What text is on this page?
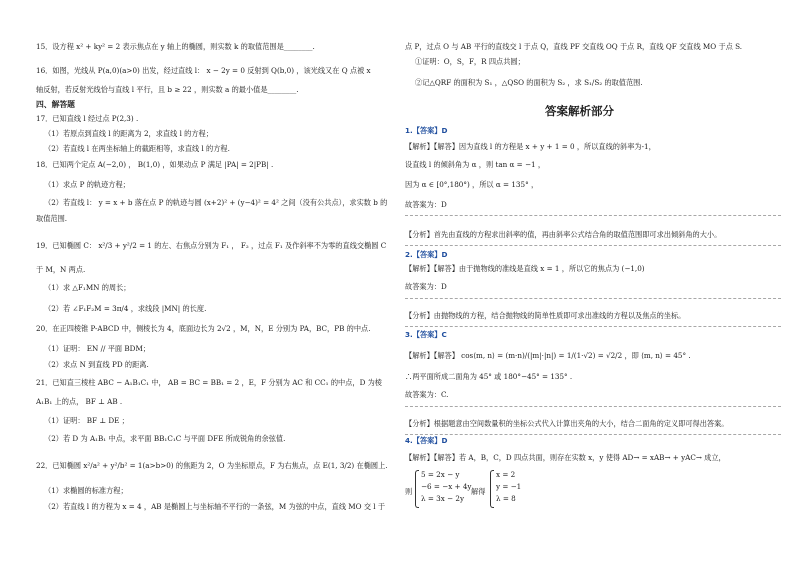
15．设方程 x² + ky² = 2 表示焦点在 y 轴上的椭圆，则实数 k 的取值范围是________.
16．如图，光线从 P(a,0)(a>0) 出发，经过直线 l： x − 2y = 0 反射到 Q(b,0) ，该光线又在 Q 点被 x
轴反射，若反射光线恰与直线 l 平行，且 b ≥ 22 ，则实数 a 的最小值是________.
四、解答题
17．已知直线 l 经过点 P(2,3) .
（1）若原点到直线 l 的距离为 2，求直线 l 的方程；
（2）若直线 l 在两坐标轴上的截距相等，求直线 l 的方程.
18．已知两个定点 A(−2,0) ， B(1,0) ，如果动点 P 满足 |PA| = 2|PB| .
（1）求点 P 的轨迹方程；
（2）若直线 l： y = x + b 落在点 P 的轨迹与圆 (x+2)² + (y−4)² = 4² 之间（没有公共点），求实数 b 的
取值范围.
19．已知椭圆 C： x²/3 + y²/2 = 1 的左、右焦点分别为 F₁ ， F₂ ，过点 F₁ 及作斜率不为零的直线交椭圆 C
于 M，N 两点.
（1）求 △F₁MN 的周长；
（2）若 ∠F₁F₂M = 3π/4 ，求线段 |MN| 的长度.
20．在正四棱锥 P-ABCD 中，侧棱长为 4，底面边长为 2√2 ，M，N，E 分别为 PA，BC，PB 的中点.
（1）证明： EN // 平面 BDM；
（2）求点 N 到直线 PD 的距离.
21．已知直三棱柱 ABC − A₁B₁C₁ 中， AB = BC = BB₁ = 2 ，E，F 分别为 AC 和 CC₁ 的中点，D 为棱
A₁B₁ 上的点， BF ⊥ AB .
（1）证明： BF ⊥ DE ；
（2）若 D 为 A₁B₁ 中点，求平面 BB₁C₁C 与平面 DFE 所成锐角的余弦值.
22．已知椭圆 x²/a² + y²/b² = 1(a>b>0) 的焦距为 2，O 为坐标原点，F 为右焦点，点 E(1, 3/2) 在椭圆上.
（1）求椭圆的标准方程；
（2）若直线 l 的方程为 x = 4 ，AB 是椭圆上与坐标轴不平行的一条弦，M 为弦的中点，直线 MO 交 l 于
点 P，过点 O 与 AB 平行的直线交 l 于点 Q，直线 PF 交直线 OQ 于点 R，直线 QF 交直线 MO 于点 S.
①证明：O，S，F，R 四点共圆；
②记△QRF 的面积为 S₁ ，△QSO 的面积为 S₂ ，求 S₁/S₂ 的取值范围.
答案解析部分
1.【答案】D
【解析】【解答】因为直线 l 的方程是 x + y + 1 = 0 ，所以直线的斜率为-1，
设直线 l 的倾斜角为 α ，则 tan α = −1 ，
因为 α ∈ [0°,180°) ，所以 α = 135° ，
故答案为：D
【分析】首先由直线的方程求出斜率的值，再由斜率公式结合角的取值范围即可求出倾斜角的大小。
2.【答案】D
【解析】【解答】由于抛物线的准线是直线 x = 1 ，所以它的焦点为 (−1,0)
故答案为：D
【分析】由抛物线的方程，结合抛物线的简单性质即可求出准线的方程以及焦点的坐标。
3.【答案】C
【解析】【解答】 cos⟨m, n⟩ = (m·n)/(|m|·|n|) = 1/(1·√2) = √2/2 ，即 ⟨m, n⟩ = 45° .
∴两平面所成二面角为 45° 或 180°−45° = 135° .
故答案为：C.
【分析】根据题意由空间数量积的坐标公式代入计算出夹角的大小，结合二面角的定义即可得出答案。
4.【答案】D
【解析】【解答】若 A，B，C，D 四点共面，则存在实数 x，y 使得 AD→ = xAB→ + yAC→ 成立，
则
5 = 2x − y
−6 = −x + 4y
λ = 3x − 2y
解得
x = 2
y = −1
λ = 8
